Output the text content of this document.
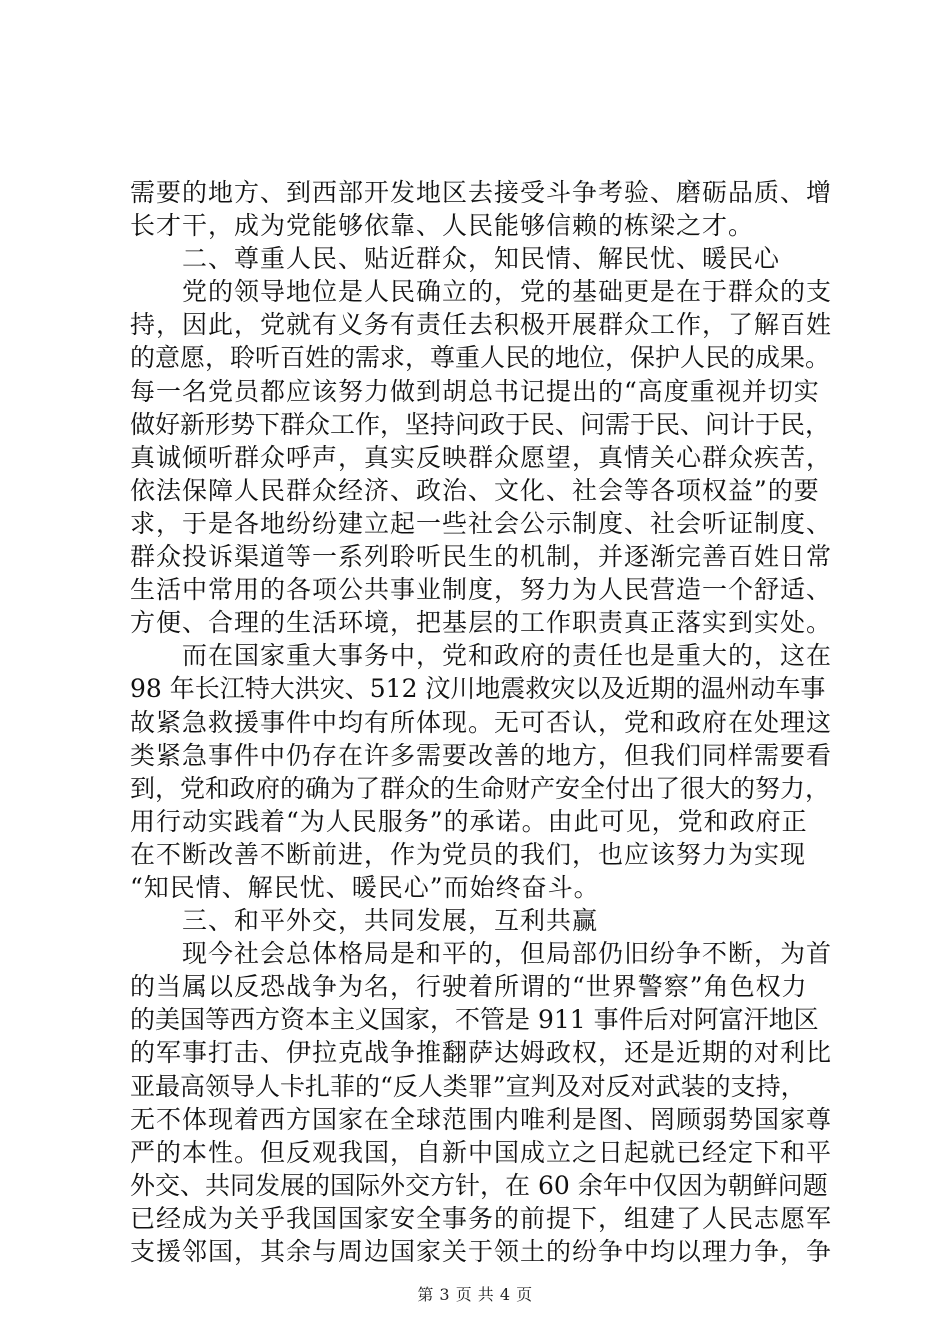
需要的地方、到西部开发地区去接受斗争考验、磨砺品质、增
长才干，成为党能够依靠、人民能够信赖的栋梁之才。
二、尊重人民、贴近群众，知民情、解民忧、暖民心
党的领导地位是人民确立的，党的基础更是在于群众的支
持，因此，党就有义务有责任去积极开展群众工作，了解百姓
的意愿，聆听百姓的需求，尊重人民的地位，保护人民的成果。
每一名党员都应该努力做到胡总书记提出的“高度重视并切实
做好新形势下群众工作，坚持问政于民、问需于民、问计于民，
真诚倾听群众呼声，真实反映群众愿望，真情关心群众疾苦，
依法保障人民群众经济、政治、文化、社会等各项权益”的要
求，于是各地纷纷建立起一些社会公示制度、社会听证制度、
群众投诉渠道等一系列聆听民生的机制，并逐渐完善百姓日常
生活中常用的各项公共事业制度，努力为人民营造一个舒适、
方便、合理的生活环境，把基层的工作职责真正落实到实处。
而在国家重大事务中，党和政府的责任也是重大的，这在
98 年长江特大洪灾、512 汶川地震救灾以及近期的温州动车事
故紧急救援事件中均有所体现。无可否认，党和政府在处理这
类紧急事件中仍存在许多需要改善的地方，但我们同样需要看
到，党和政府的确为了群众的生命财产安全付出了很大的努力，
用行动实践着“为人民服务”的承诺。由此可见，党和政府正
在不断改善不断前进，作为党员的我们，也应该努力为实现
“知民情、解民忧、暖民心”而始终奋斗。
三、和平外交，共同发展，互利共赢
现今社会总体格局是和平的，但局部仍旧纷争不断，为首
的当属以反恐战争为名，行驶着所谓的“世界警察”角色权力
的美国等西方资本主义国家，不管是 911 事件后对阿富汗地区
的军事打击、伊拉克战争推翻萨达姆政权，还是近期的对利比
亚最高领导人卡扎菲的“反人类罪”宣判及对反对武装的支持，
无不体现着西方国家在全球范围内唯利是图、罔顾弱势国家尊
严的本性。但反观我国，自新中国成立之日起就已经定下和平
外交、共同发展的国际外交方针，在 60 余年中仅因为朝鲜问题
已经成为关乎我国国家安全事务的前提下，组建了人民志愿军
支援邻国，其余与周边国家关于领土的纷争中均以理力争，争
第 3 页 共 4 页
